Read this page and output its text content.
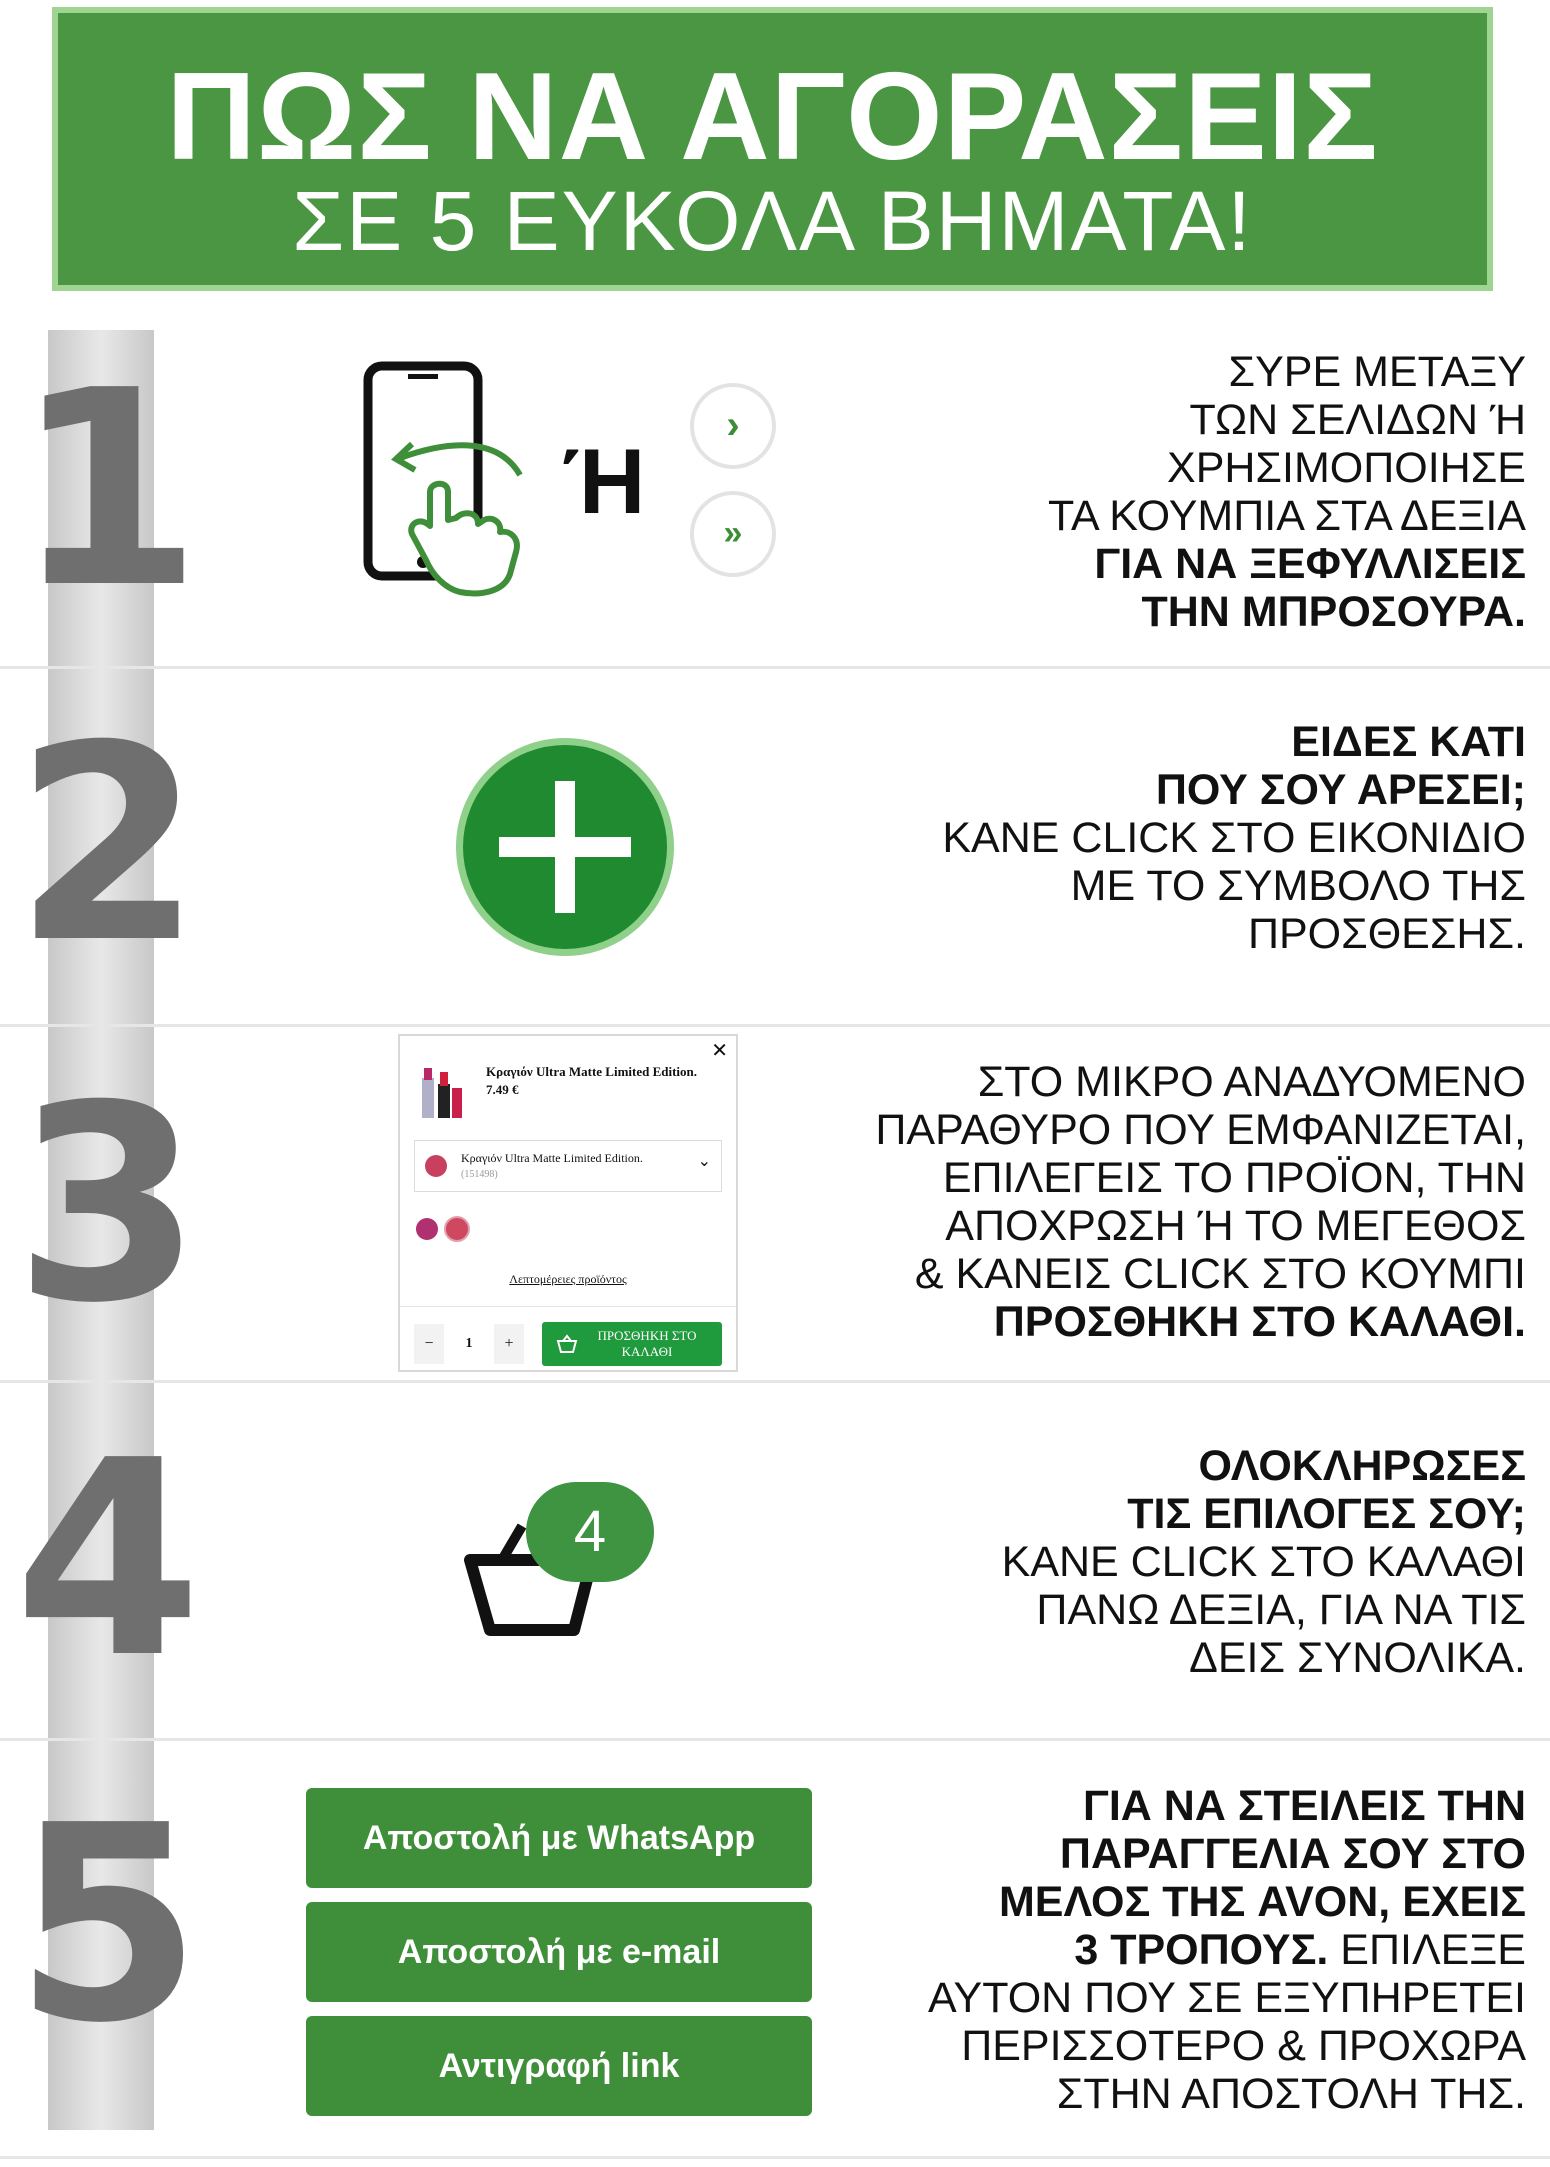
ΠΩΣ ΝΑ ΑΓΟΡΑΣΕΙΣ
ΣΕ 5 ΕΥΚΟΛΑ ΒΗΜΑΤΑ!
1	Ή
›
»
ΣΥΡΕ ΜΕΤΑΞΥ
ΤΩΝ ΣΕΛΙΔΩΝ Ή
ΧΡΗΣΙΜΟΠΟΙΗΣΕ
ΤΑ ΚΟΥΜΠΙΑ ΣΤΑ ΔΕΞΙΑ
ΓΙΑ ΝΑ ΞΕΦΥΛΛΙΣΕΙΣ
ΤΗΝ ΜΠΡΟΣΟΥΡΑ.
2	ΕΙΔΕΣ ΚΑΤΙ
ΠΟΥ ΣΟΥ ΑΡΕΣΕΙ;
ΚΑΝΕ CLICK ΣΤΟ ΕΙΚΟΝΙΔΙΟ
ΜΕ ΤΟ ΣΥΜΒΟΛΟ ΤΗΣ
ΠΡΟΣΘΕΣΗΣ.
3	✕
Κραγιόν Ultra Matte Limited Edition.
7.49 €
Κραγιόν Ultra Matte Limited Edition.
(151498)
⌄
Λεπτομέρειες προϊόντος
−	1	+	ΠΡΟΣΘΗΚΗ ΣΤΟ ΚΑΛΑΘΙ
ΣΤΟ ΜΙΚΡΟ ΑΝΑΔΥΟΜΕΝΟ
ΠΑΡΑΘΥΡΟ ΠΟΥ ΕΜΦΑΝΙΖΕΤΑΙ,
ΕΠΙΛΕΓΕΙΣ ΤΟ ΠΡΟΪΟΝ, ΤΗΝ
ΑΠΟΧΡΩΣΗ Ή ΤΟ ΜΕΓΕΘΟΣ
& ΚΑΝΕΙΣ CLICK ΣΤΟ ΚΟΥΜΠΙ
ΠΡΟΣΘΗΚΗ ΣΤΟ ΚΑΛΑΘΙ.
4	4
ΟΛΟΚΛΗΡΩΣΕΣ
ΤΙΣ ΕΠΙΛΟΓΕΣ ΣΟΥ;
ΚΑΝΕ CLICK ΣΤΟ ΚΑΛΑΘΙ
ΠΑΝΩ ΔΕΞΙΑ, ΓΙΑ ΝΑ ΤΙΣ
ΔΕΙΣ ΣΥΝΟΛΙΚΑ.
5	Αποστολή με WhatsApp
Αποστολή με e-mail
Αντιγραφή link
ΓΙΑ ΝΑ ΣΤΕΙΛΕΙΣ ΤΗΝ
ΠΑΡΑΓΓΕΛΙΑ ΣΟΥ ΣΤΟ
ΜΕΛΟΣ ΤΗΣ AVON, ΕΧΕΙΣ
3 ΤΡΟΠΟΥΣ. ΕΠΙΛΕΞΕ
ΑΥΤΟΝ ΠΟΥ ΣΕ ΕΞΥΠΗΡΕΤΕΙ
ΠΕΡΙΣΣΟΤΕΡΟ & ΠΡΟΧΩΡΑ
ΣΤΗΝ ΑΠΟΣΤΟΛΗ ΤΗΣ.
